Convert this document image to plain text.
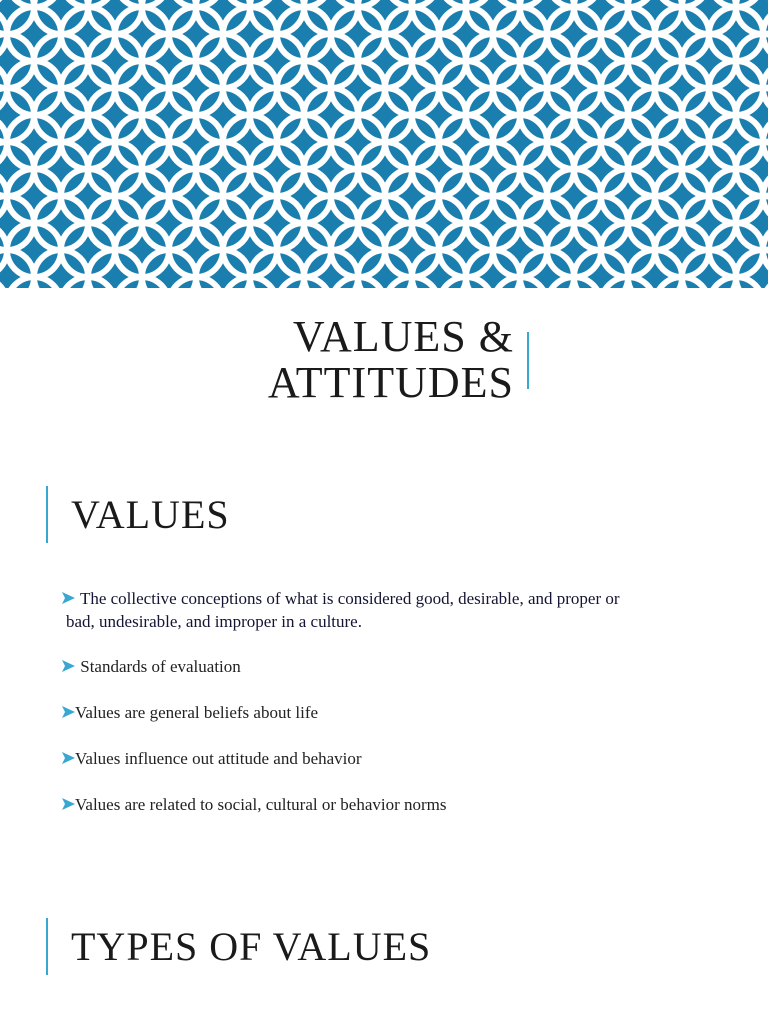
VALUES &
ATTITUDES
VALUES
The collective conceptions of what is considered good, desirable, and proper or
bad, undesirable, and improper in a culture.
Standards of evaluation
Values are general beliefs about life
Values influence out attitude and behavior
Values are related to social, cultural or behavior norms
TYPES OF VALUES
